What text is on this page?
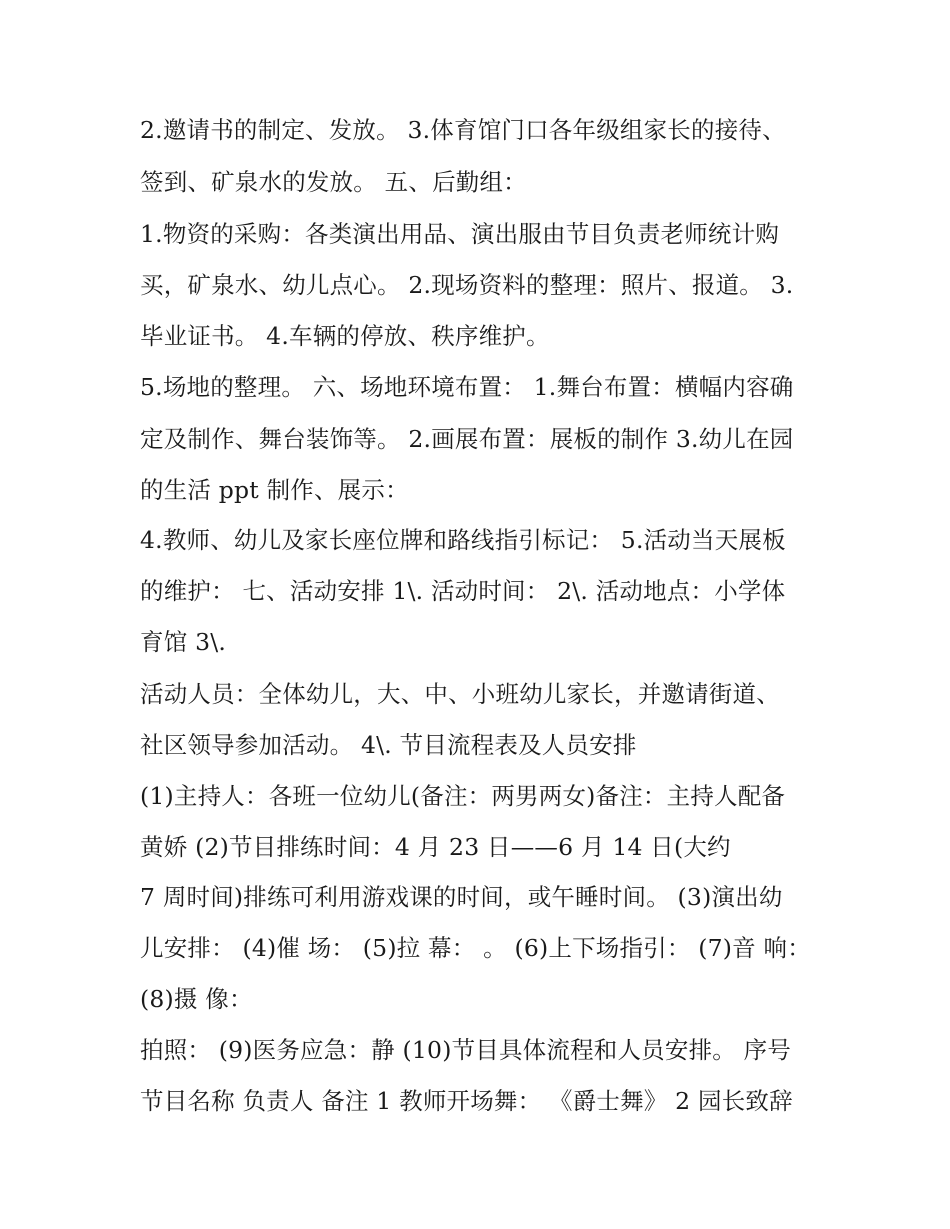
2.邀请书的制定、发放。 3.体育馆门口各年级组家长的接待、
签到、矿泉水的发放。 五、后勤组：
1.物资的采购：各类演出用品、演出服由节目负责老师统计购
买，矿泉水、幼儿点心。 2.现场资料的整理：照片、报道。 3.
毕业证书。 4.车辆的停放、秩序维护。
5.场地的整理。 六、场地环境布置： 1.舞台布置：横幅内容确
定及制作、舞台装饰等。 2.画展布置：展板的制作 3.幼儿在园
的生活 ppt 制作、展示：
4.教师、幼儿及家长座位牌和路线指引标记： 5.活动当天展板
的维护： 七、活动安排 1\. 活动时间： 2\. 活动地点：小学体
育馆 3\.
活动人员：全体幼儿，大、中、小班幼儿家长，并邀请街道、
社区领导参加活动。 4\. 节目流程表及人员安排
(1)主持人：各班一位幼儿(备注：两男两女)备注：主持人配备
黄娇 (2)节目排练时间：4 月 23 日——6 月 14 日(大约
7 周时间)排练可利用游戏课的时间，或午睡时间。 (3)演出幼
儿安排： (4)催 场： (5)拉 幕： 。 (6)上下场指引： (7)音 响：
(8)摄 像：
拍照： (9)医务应急：静 (10)节目具体流程和人员安排。 序号
节目名称 负责人 备注 1 教师开场舞： 《爵士舞》 2 园长致辞
